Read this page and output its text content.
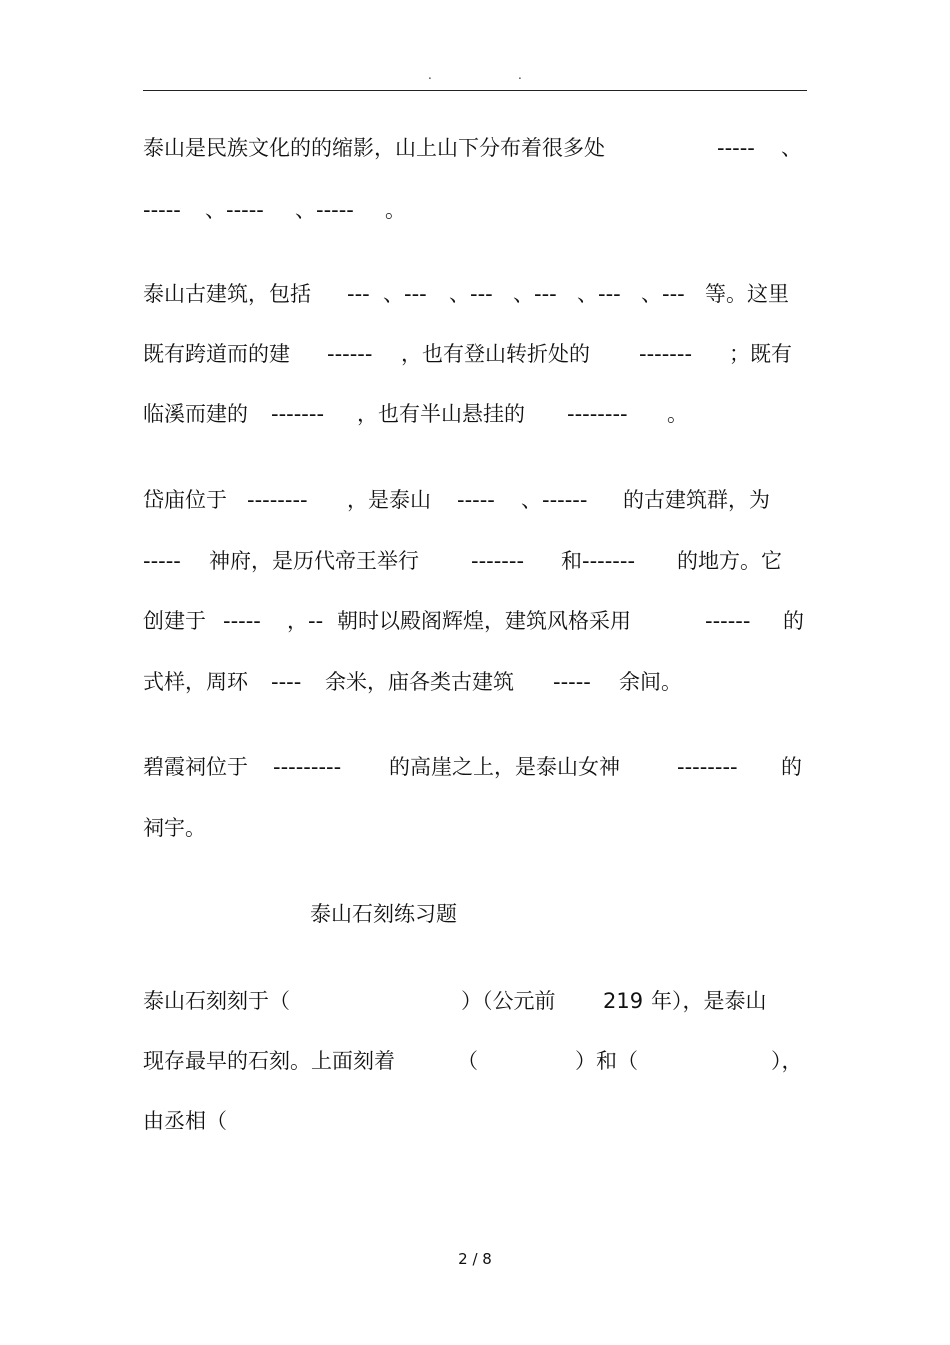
.	.
泰山是民族文化的的缩影，山上山下分布着很多处	----- 、
----- 、----- 、----- 。
泰山古建筑，包括 --- 、--- 、--- 、--- 、--- 、--- 等。这里
既有跨道而的建 ------ ，也有登山转折处的 ------- ；既有
临溪而建的 ------- ，也有半山悬挂的 -------- 。
岱庙位于 -------- ，是泰山 ----- 、------ 的古建筑群，为
----- 神府，是历代帝王举行 ------- 和------- 的地方。它
创建于 ----- ，-- 朝时以殿阁辉煌，建筑风格采用	------ 的
式样，周环 ---- 余米，庙各类古建筑 ----- 余间。
碧霞祠位于 --------- 的高崖之上，是泰山女神	-------- 的
祠宇。
泰山石刻刻于（	）（公元前 219 年），是泰山
现存最早的石刻。上面刻着	（	）和（	），
由丞相（
泰山石刻练习题
2 / 8
